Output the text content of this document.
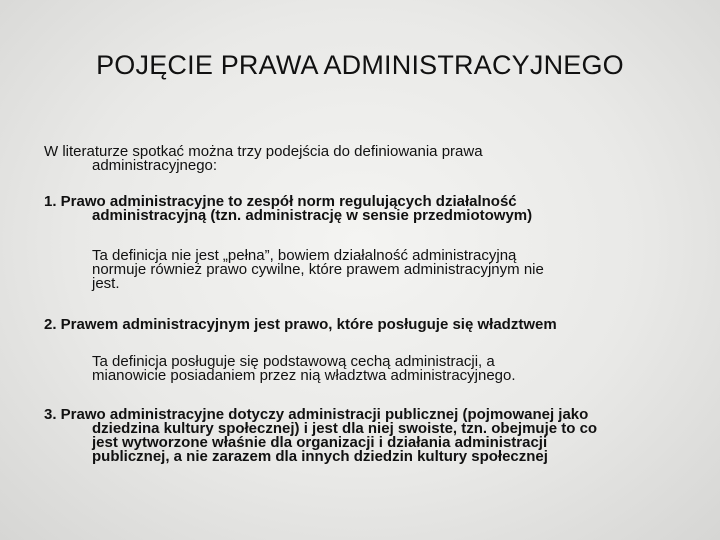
POJĘCIE PRAWA ADMINISTRACYJNEGO

W literaturze spotkać można trzy podejścia do definiowania prawa
administracyjnego:

1. Prawo administracyjne to zespół norm regulujących działalność
administracyjną (tzn. administrację w sensie przedmiotowym)

Ta definicja nie jest „pełna”, bowiem działalność administracyjną
normuje również prawo cywilne, które prawem administracyjnym nie
jest.

2. Prawem administracyjnym jest prawo, które posługuje się władztwem

Ta definicja posługuje się podstawową cechą administracji, a
mianowicie posiadaniem przez nią władztwa administracyjnego.

3. Prawo administracyjne dotyczy administracji publicznej (pojmowanej jako
dziedzina kultury społecznej) i jest dla niej swoiste, tzn. obejmuje to co
jest wytworzone właśnie dla organizacji i działania administracji
publicznej, a nie zarazem dla innych dziedzin kultury społecznej
